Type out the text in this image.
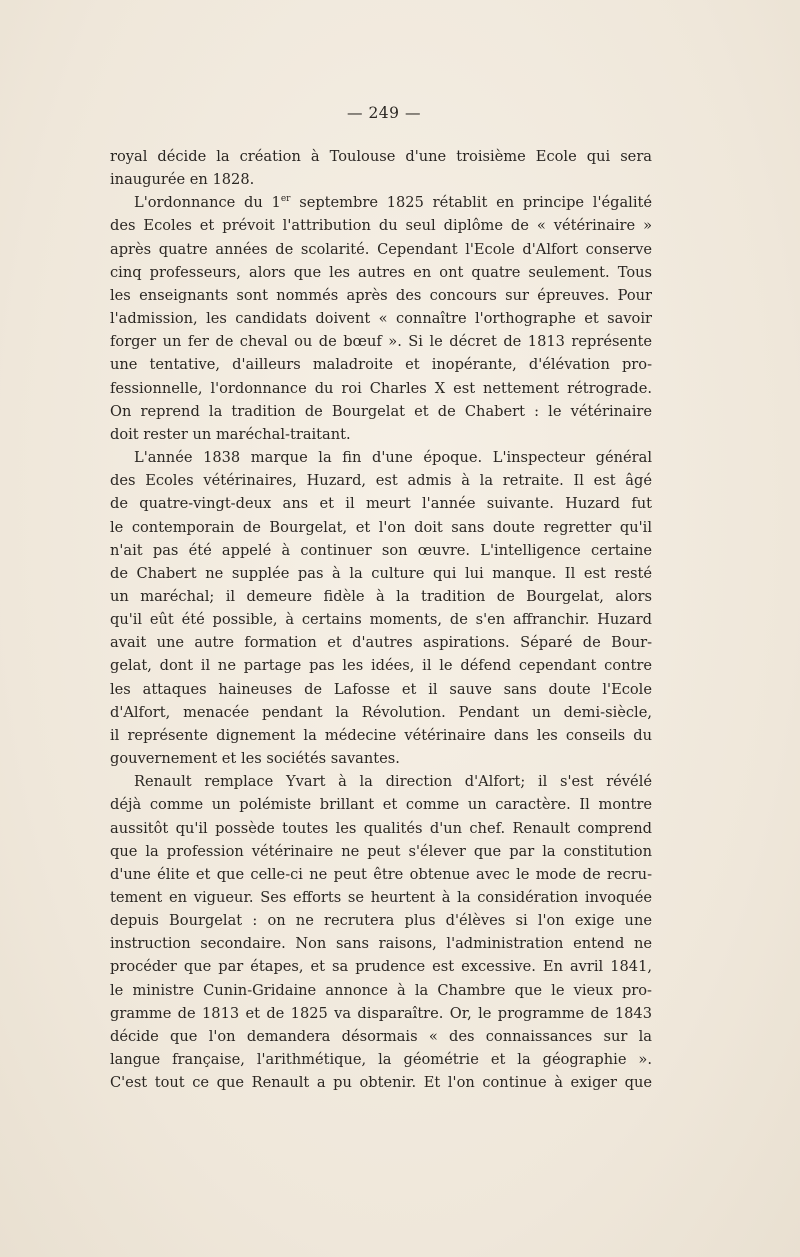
— 249 —
royal décide la création à Toulouse d'une troisième Ecole qui sera
inaugurée en 1828.
L'ordonnance du 1er septembre 1825 rétablit en principe l'égalité
des Ecoles et prévoit l'attribution du seul diplôme de « vétérinaire »
après quatre années de scolarité. Cependant l'Ecole d'Alfort conserve
cinq professeurs, alors que les autres en ont quatre seulement. Tous
les enseignants sont nommés après des concours sur épreuves. Pour
l'admission, les candidats doivent « connaître l'orthographe et savoir
forger un fer de cheval ou de bœuf ». Si le décret de 1813 représente
une tentative, d'ailleurs maladroite et inopérante, d'élévation pro-
fessionnelle, l'ordonnance du roi Charles X est nettement rétrograde.
On reprend la tradition de Bourgelat et de Chabert : le vétérinaire
doit rester un maréchal-traitant.
L'année 1838 marque la fin d'une époque. L'inspecteur général
des Ecoles vétérinaires, Huzard, est admis à la retraite. Il est âgé
de quatre-vingt-deux ans et il meurt l'année suivante. Huzard fut
le contemporain de Bourgelat, et l'on doit sans doute regretter qu'il
n'ait pas été appelé à continuer son œuvre. L'intelligence certaine
de Chabert ne supplée pas à la culture qui lui manque. Il est resté
un maréchal; il demeure fidèle à la tradition de Bourgelat, alors
qu'il eût été possible, à certains moments, de s'en affranchir. Huzard
avait une autre formation et d'autres aspirations. Séparé de Bour-
gelat, dont il ne partage pas les idées, il le défend cependant contre
les attaques haineuses de Lafosse et il sauve sans doute l'Ecole
d'Alfort, menacée pendant la Révolution. Pendant un demi-siècle,
il représente dignement la médecine vétérinaire dans les conseils du
gouvernement et les sociétés savantes.
Renault remplace Yvart à la direction d'Alfort; il s'est révélé
déjà comme un polémiste brillant et comme un caractère. Il montre
aussitôt qu'il possède toutes les qualités d'un chef. Renault comprend
que la profession vétérinaire ne peut s'élever que par la constitution
d'une élite et que celle-ci ne peut être obtenue avec le mode de recru-
tement en vigueur. Ses efforts se heurtent à la considération invoquée
depuis Bourgelat : on ne recrutera plus d'élèves si l'on exige une
instruction secondaire. Non sans raisons, l'administration entend ne
procéder que par étapes, et sa prudence est excessive. En avril 1841,
le ministre Cunin-Gridaine annonce à la Chambre que le vieux pro-
gramme de 1813 et de 1825 va disparaître. Or, le programme de 1843
décide que l'on demandera désormais « des connaissances sur la
langue française, l'arithmétique, la géométrie et la géographie ».
C'est tout ce que Renault a pu obtenir. Et l'on continue à exiger que
